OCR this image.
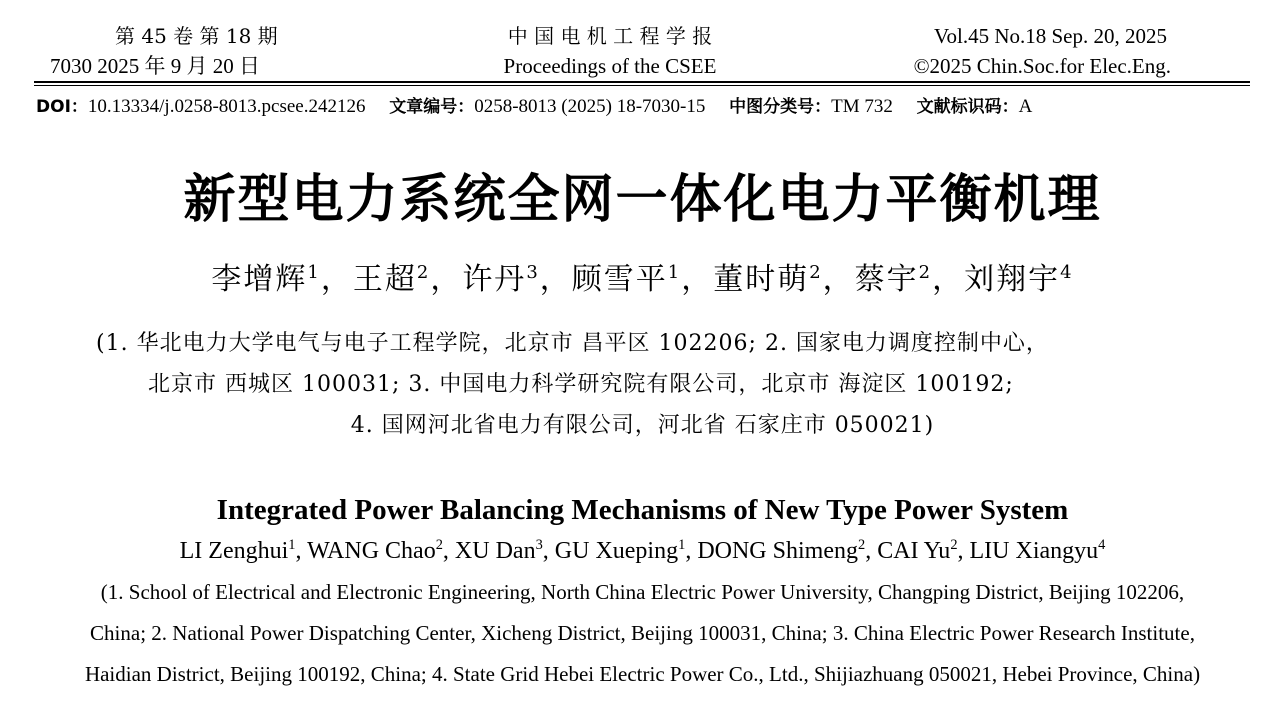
第 45 卷 第 18 期
7030 2025 年 9 月 20 日
中 国 电 机 工 程 学 报
Proceedings of the CSEE
Vol.45 No.18 Sep. 20, 2025
©2025 Chin.Soc.for Elec.Eng.
DOI：10.13334/j.0258-8013.pcsee.242126 文章编号：0258-8013 (2025) 18-7030-15 中图分类号：TM 732 文献标识码：A
新型电力系统全网一体化电力平衡机理
李增辉$^1$，王超$^2$，许丹$^3$，顾雪平$^1$，董时萌$^2$，蔡宇$^2$，刘翔宇$^4$
(1. 华北电力大学电气与电子工程学院，北京市 昌平区 102206; 2. 国家电力调度控制中心，
北京市 西城区 100031; 3. 中国电力科学研究院有限公司，北京市 海淀区 100192;
4. 国网河北省电力有限公司，河北省 石家庄市 050021)
Integrated Power Balancing Mechanisms of New Type Power System
LI Zenghui$^1$, WANG Chao$^2$, XU Dan$^3$, GU Xueping$^1$, DONG Shimeng$^2$, CAI Yu$^2$, LIU Xiangyu$^4$
(1. School of Electrical and Electronic Engineering, North China Electric Power University, Changping District, Beijing 102206,
China; 2. National Power Dispatching Center, Xicheng District, Beijing 100031, China; 3. China Electric Power Research Institute,
Haidian District, Beijing 100192, China; 4. State Grid Hebei Electric Power Co., Ltd., Shijiazhuang 050021, Hebei Province, China)
